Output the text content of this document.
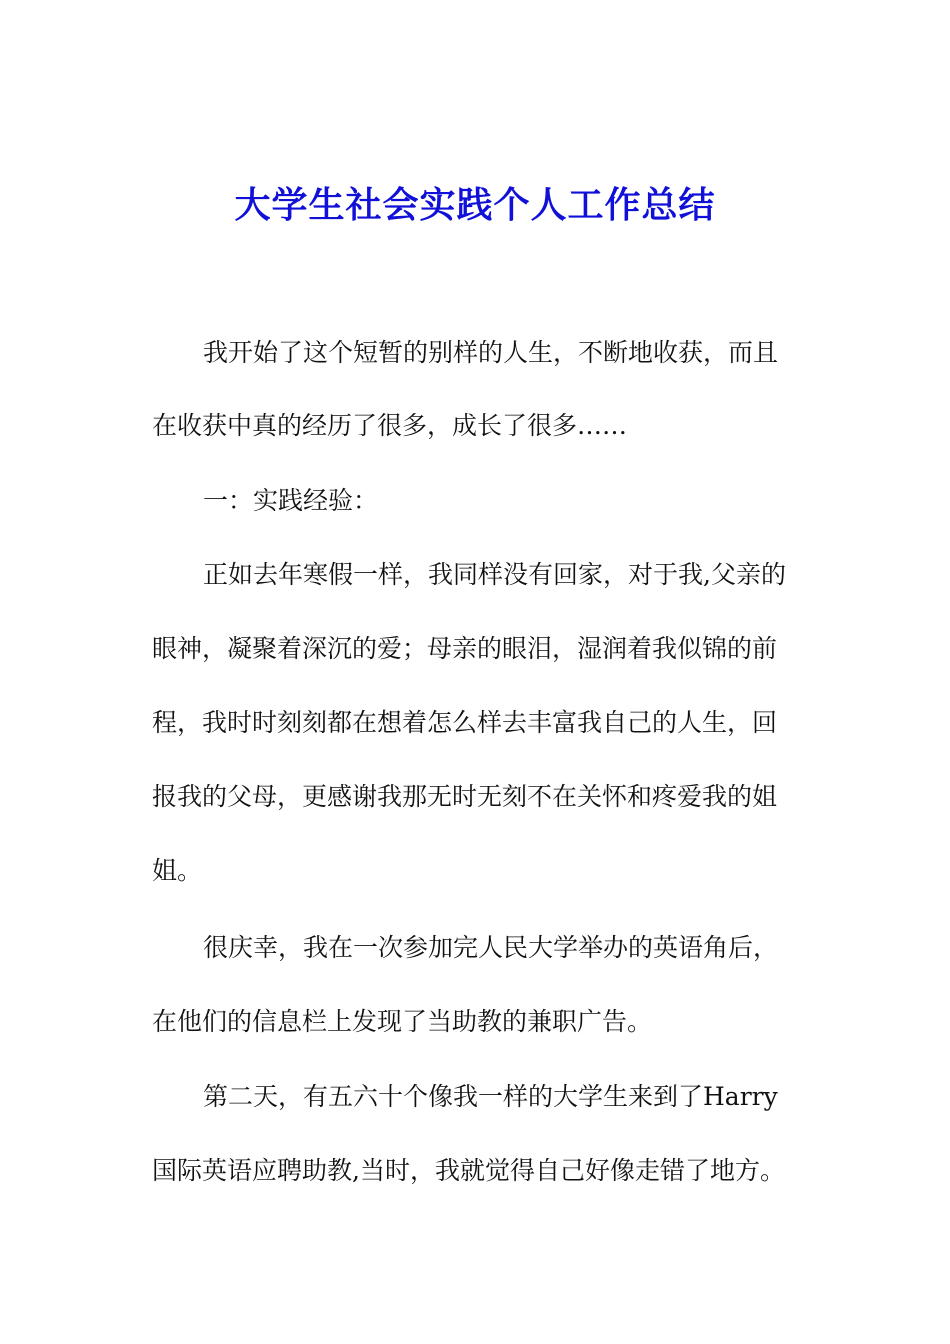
大学生社会实践个人工作总结
我开始了这个短暂的别样的人生，不断地收获，而且
在收获中真的经历了很多，成长了很多……
一：实践经验：
正如去年寒假一样，我同样没有回家，对于我,父亲的
眼神，凝聚着深沉的爱；母亲的眼泪，湿润着我似锦的前
程，我时时刻刻都在想着怎么样去丰富我自己的人生，回
报我的父母，更感谢我那无时无刻不在关怀和疼爱我的姐
姐。
很庆幸，我在一次参加完人民大学举办的英语角后，
在他们的信息栏上发现了当助教的兼职广告。
第二天，有五六十个像我一样的大学生来到了Harry
国际英语应聘助教,当时，我就觉得自己好像走错了地方。
